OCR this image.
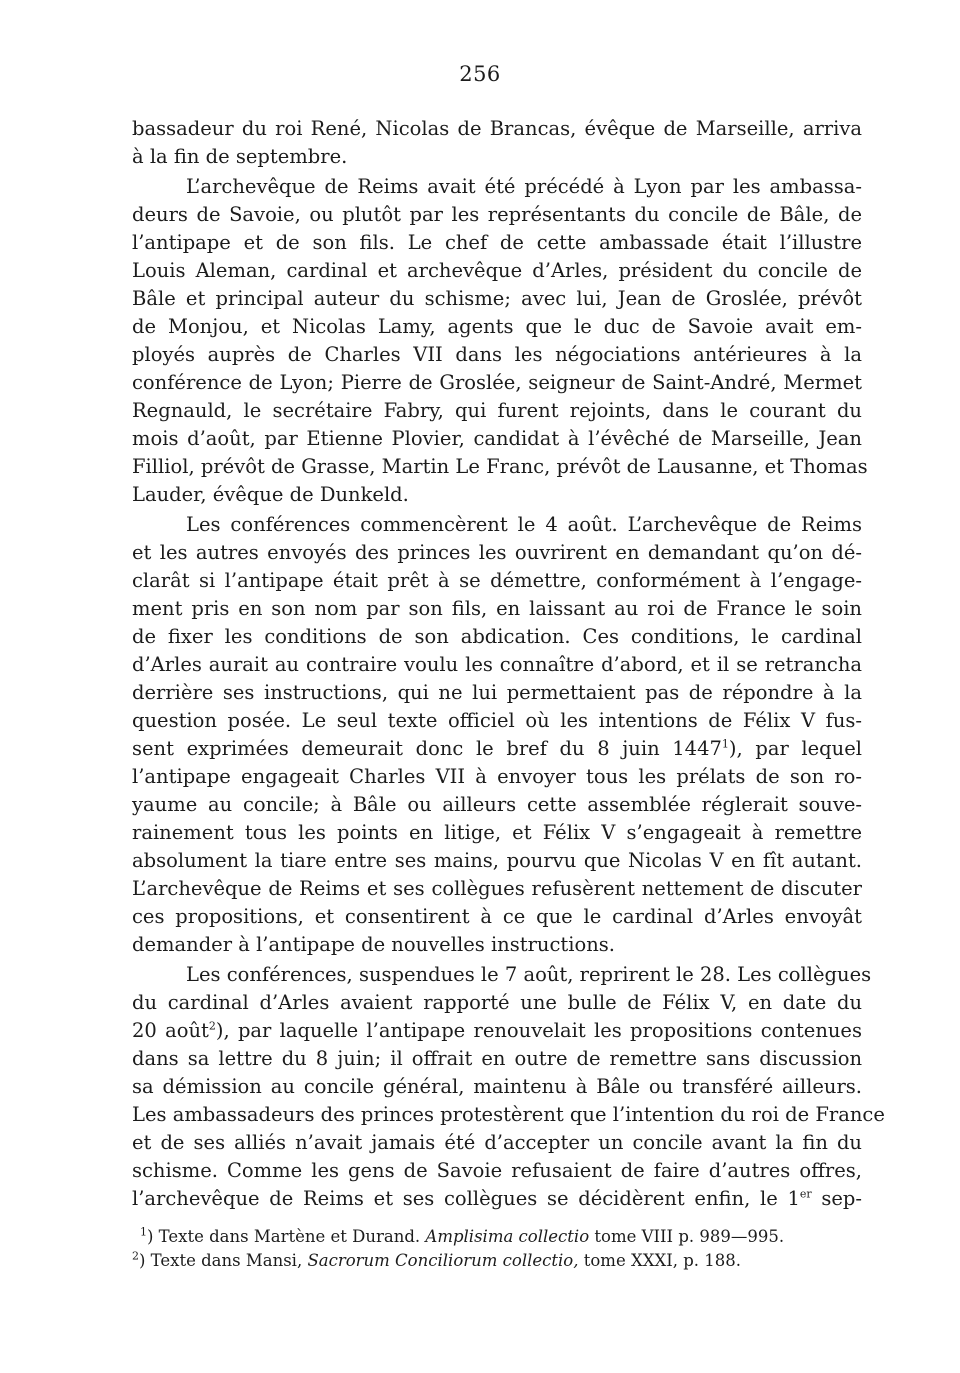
256
bassadeur du roi René, Nicolas de Brancas, évêque de Marseille, arriva
à la fin de septembre.
L’archevêque de Reims avait été précédé à Lyon par les ambassa-
deurs de Savoie, ou plutôt par les représentants du concile de Bâle, de
l’antipape et de son fils. Le chef de cette ambassade était l’illustre
Louis Aleman, cardinal et archevêque d’Arles, président du concile de
Bâle et principal auteur du schisme; avec lui, Jean de Groslée, prévôt
de Monjou, et Nicolas Lamy, agents que le duc de Savoie avait em-
ployés auprès de Charles VII dans les négociations antérieures à la
conférence de Lyon; Pierre de Groslée, seigneur de Saint-André, Mermet
Regnauld, le secrétaire Fabry, qui furent rejoints, dans le courant du
mois d’août, par Etienne Plovier, candidat à l’évêché de Marseille, Jean
Filliol, prévôt de Grasse, Martin Le Franc, prévôt de Lausanne, et Thomas
Lauder, évêque de Dunkeld.
Les conférences commencèrent le 4 août. L’archevêque de Reims
et les autres envoyés des princes les ouvrirent en demandant qu’on dé-
clarât si l’antipape était prêt à se démettre, conformément à l’engage-
ment pris en son nom par son fils, en laissant au roi de France le soin
de fixer les conditions de son abdication. Ces conditions, le cardinal
d’Arles aurait au contraire voulu les connaître d’abord, et il se retrancha
derrière ses instructions, qui ne lui permettaient pas de répondre à la
question posée. Le seul texte officiel où les intentions de Félix V fus-
sent exprimées demeurait donc le bref du 8 juin 1447$^1$), par lequel
l’antipape engageait Charles VII à envoyer tous les prélats de son ro-
yaume au concile; à Bâle ou ailleurs cette assemblée réglerait souve-
rainement tous les points en litige, et Félix V s’engageait à remettre
absolument la tiare entre ses mains, pourvu que Nicolas V en fît autant.
L’archevêque de Reims et ses collègues refusèrent nettement de discuter
ces propositions, et consentirent à ce que le cardinal d’Arles envoyât
demander à l’antipape de nouvelles instructions.
Les conférences, suspendues le 7 août, reprirent le 28. Les collègues
du cardinal d’Arles avaient rapporté une bulle de Félix V, en date du
20 août$^2$), par laquelle l’antipape renouvelait les propositions contenues
dans sa lettre du 8 juin; il offrait en outre de remettre sans discussion
sa démission au concile général, maintenu à Bâle ou transféré ailleurs.
Les ambassadeurs des princes protestèrent que l’intention du roi de France
et de ses alliés n’avait jamais été d’accepter un concile avant la fin du
schisme. Comme les gens de Savoie refusaient de faire d’autres offres,
l’archevêque de Reims et ses collègues se décidèrent enfin, le 1er sep-
$^1$) Texte dans Martène et Durand. Amplisima collectio tome VIII p. 989—995.
$^2$) Texte dans Mansi, Sacrorum Conciliorum collectio, tome XXXI, p. 188.
